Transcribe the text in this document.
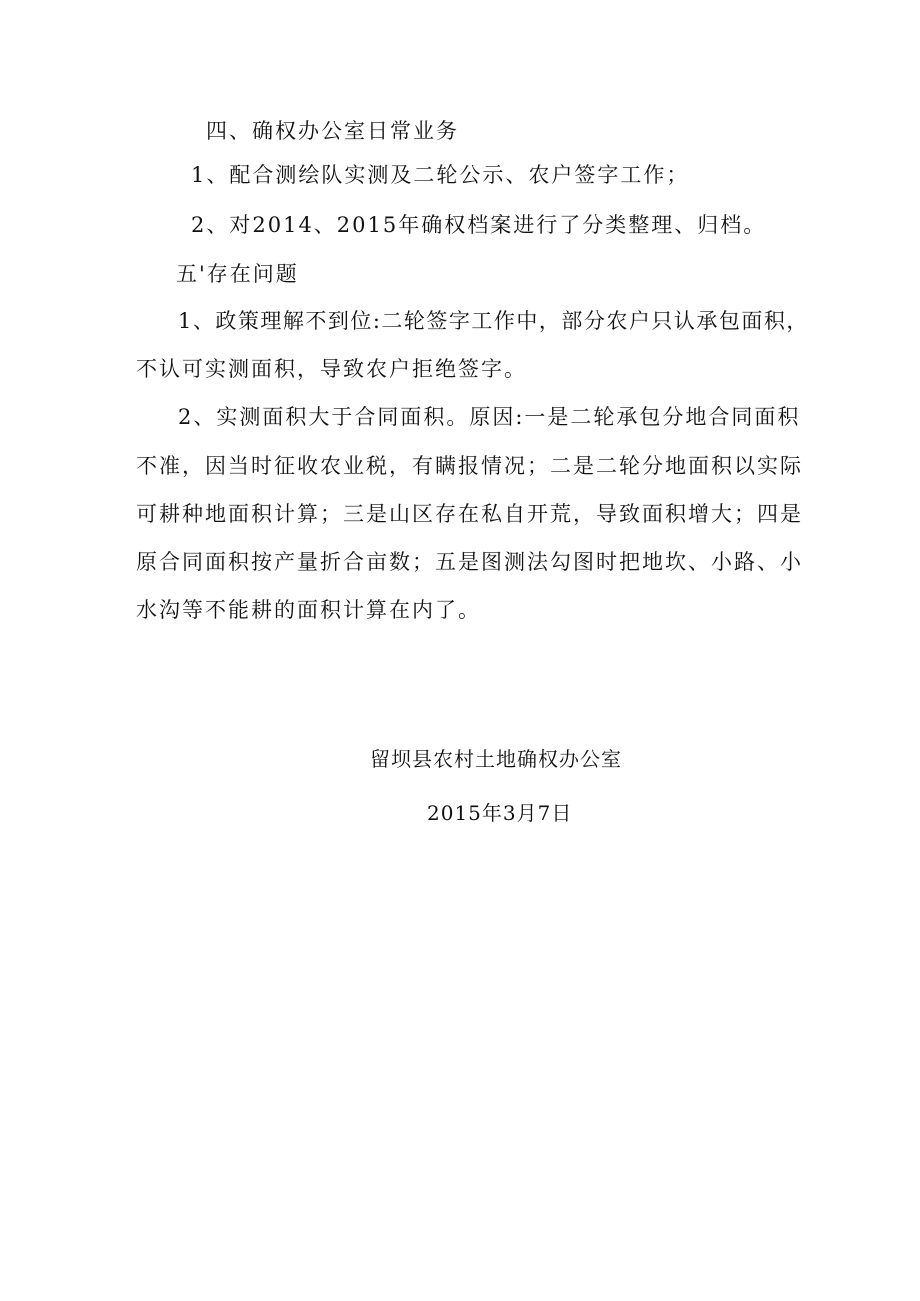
四、确权办公室日常业务
1、配合测绘队实测及二轮公示、农户签字工作；
2、对2014、2015年确权档案进行了分类整理、归档。
五'存在问题
1、政策理解不到位:二轮签字工作中，部分农户只认承包面积，
不认可实测面积，导致农户拒绝签字。
2、实测面积大于合同面积。原因:一是二轮承包分地合同面积
不准，因当时征收农业税，有瞒报情况；二是二轮分地面积以实际
可耕种地面积计算；三是山区存在私自开荒，导致面积增大；四是
原合同面积按产量折合亩数；五是图测法勾图时把地坎、小路、小
水沟等不能耕的面积计算在内了。
留坝县农村土地确权办公室
2015年3月7日
